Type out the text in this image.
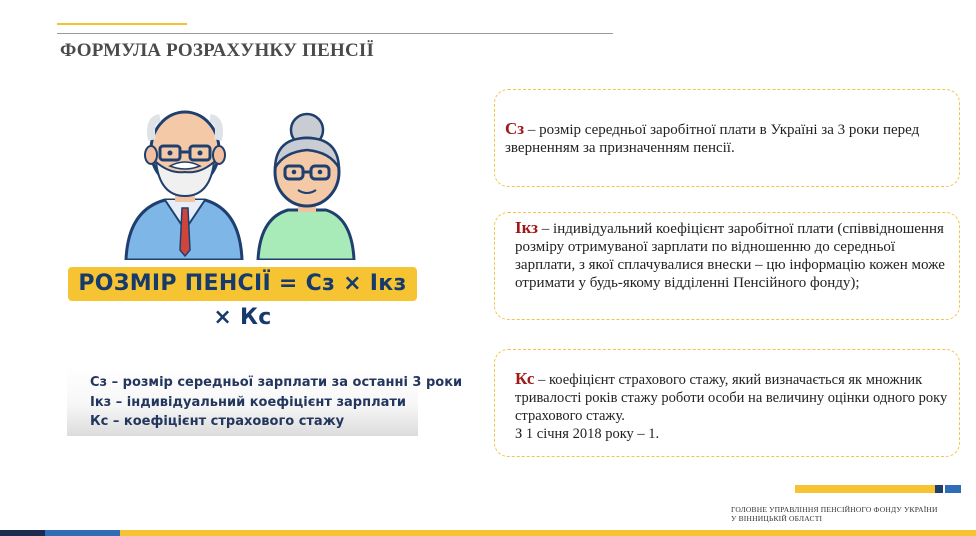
ФОРМУЛА РОЗРАХУНКУ ПЕНСІЇ
РОЗМІР ПЕНСІЇ = Сз × Ікз × Кс
Сз – розмір середньої зарплати за останні 3 роки
Ікз – індивідуальний коефіцієнт зарплати
Кс – коефіцієнт страхового стажу
Сз – розмір середньої заробітної плати в Україні за 3 роки перед зверненням за призначенням пенсії.
Ікз – індивідуальний коефіцієнт заробітної плати (співвідношення розміру отримуваної зарплати по відношенню до середньої зарплати, з якої сплачувалися внески – цю інформацію кожен може отримати у будь-якому відділенні Пенсійного фонду);
Кс – коефіцієнт страхового стажу, який визначається як множник тривалості років стажу роботи особи на величину оцінки одного року страхового стажу.
З 1 січня 2018 року – 1.
ГОЛОВНЕ УПРАВЛІННЯ ПЕНСІЙНОГО ФОНДУ УКРАЇНИ
У ВІННИЦЬКІЙ ОБЛАСТІ
